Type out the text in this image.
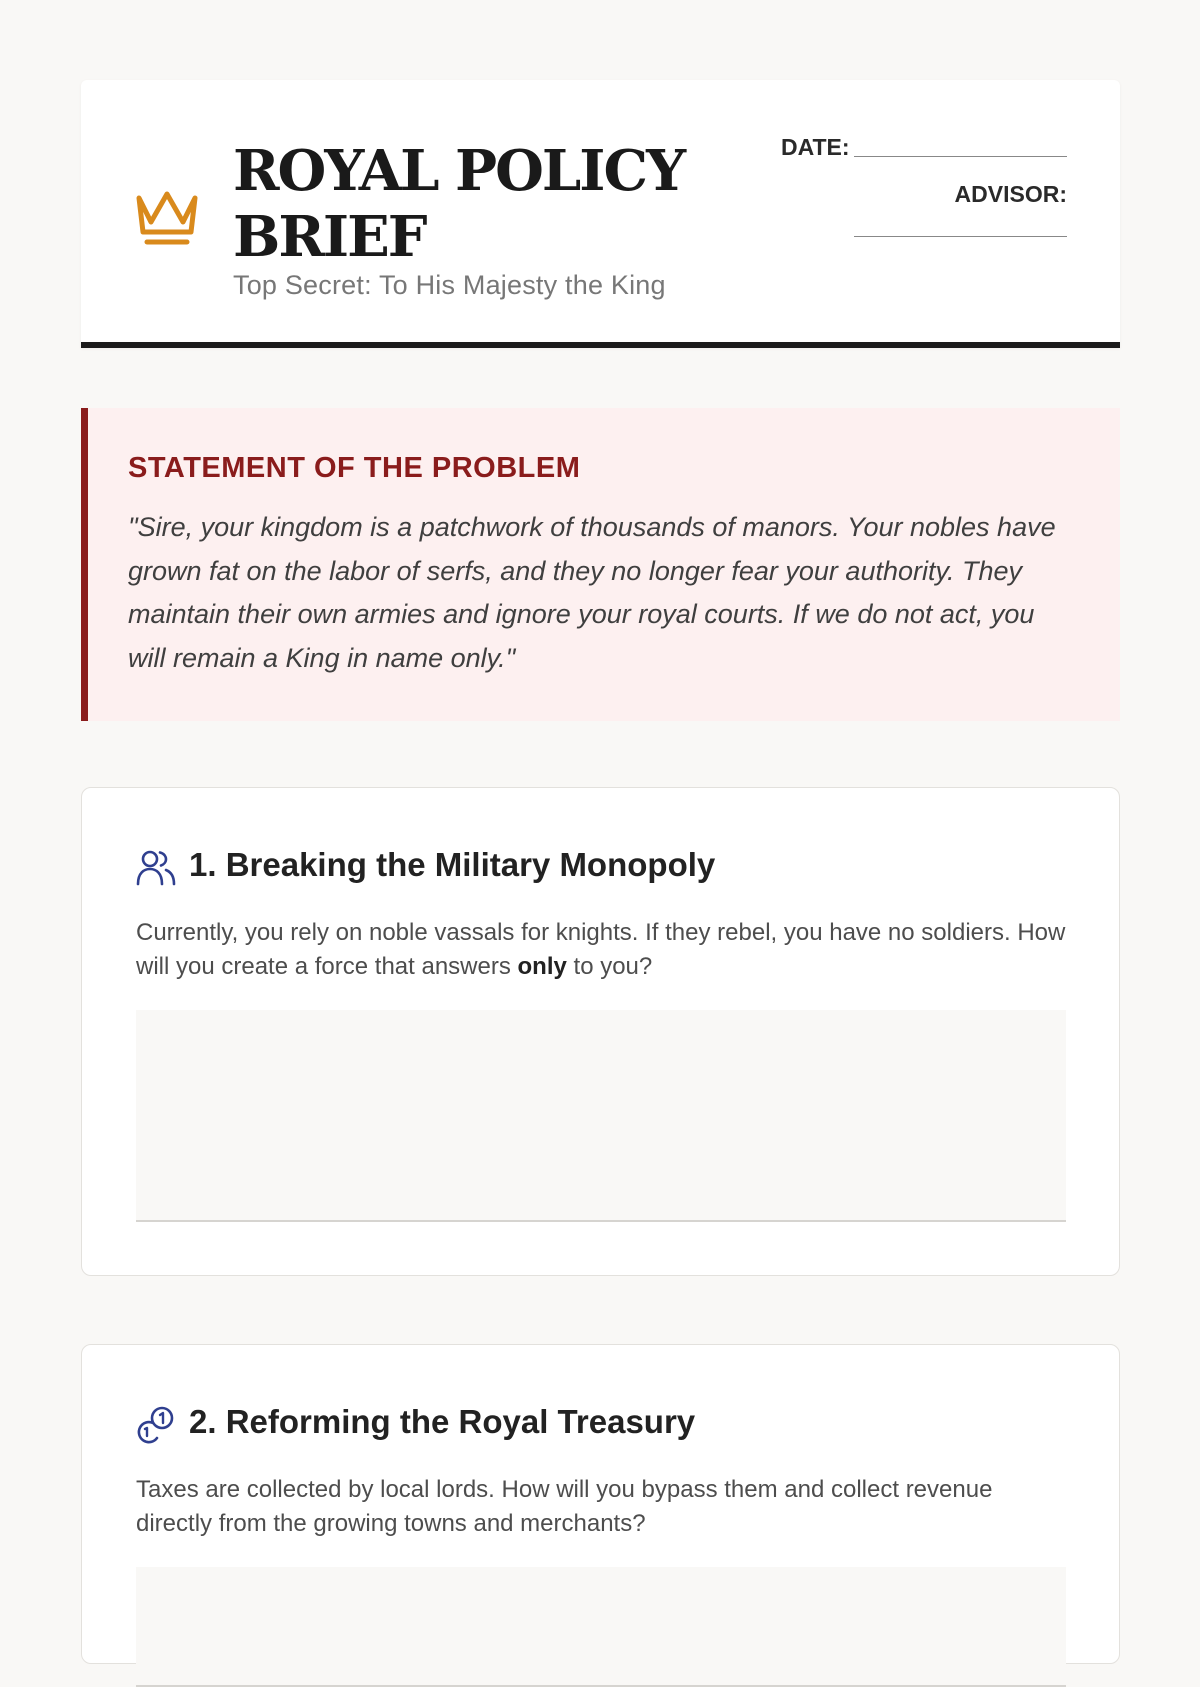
ROYAL POLICY
BRIEF
Top Secret: To His Majesty the King
DATE:
ADVISOR:
STATEMENT OF THE PROBLEM

"Sire, your kingdom is a patchwork of thousands of manors. Your nobles have grown fat on the labor of serfs, and they no longer fear your authority. They maintain their own armies and ignore your royal courts. If we do not act, you will remain a King in name only."

1. Breaking the Military Monopoly

Currently, you rely on noble vassals for knights. If they rebel, you have no soldiers. How will you create a force that answers only to you?

2. Reforming the Royal Treasury

Taxes are collected by local lords. How will you bypass them and collect revenue directly from the growing towns and merchants?
